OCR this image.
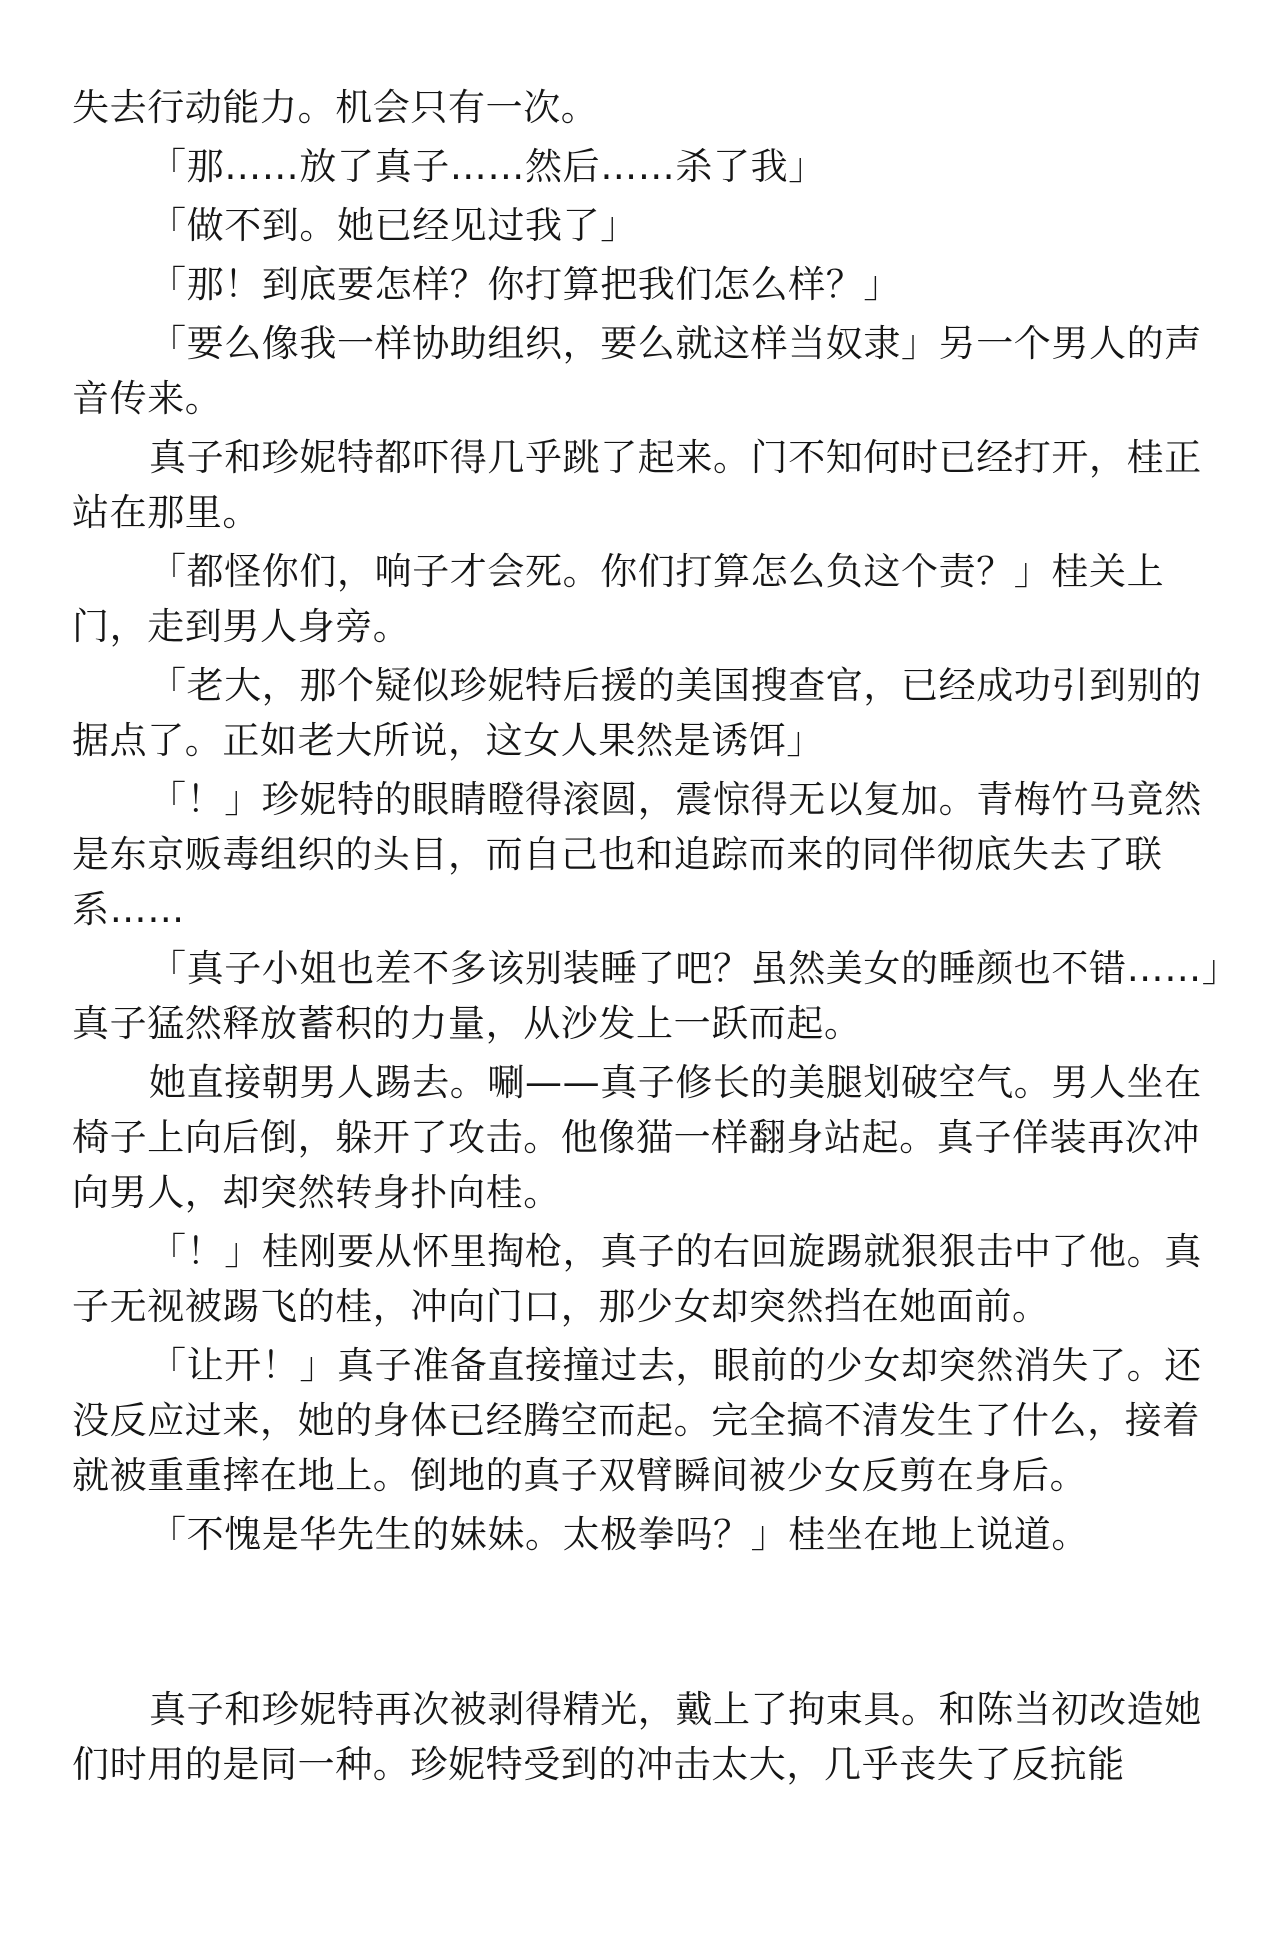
失去行动能力。机会只有一次。

「那……放了真子……然后……杀了我」

「做不到。她已经见过我了」

「那！到底要怎样？你打算把我们怎么样？」

「要么像我一样协助组织，要么就这样当奴隶」另一个男人的声音传来。

真子和珍妮特都吓得几乎跳了起来。门不知何时已经打开，桂正站在那里。

「都怪你们，响子才会死。你们打算怎么负这个责？」桂关上门，走到男人身旁。

「老大，那个疑似珍妮特后援的美国搜查官，已经成功引到别的据点了。正如老大所说，这女人果然是诱饵」

「！」珍妮特的眼睛瞪得滚圆，震惊得无以复加。青梅竹马竟然是东京贩毒组织的头目，而自己也和追踪而来的同伴彻底失去了联系……

「真子小姐也差不多该别装睡了吧？虽然美女的睡颜也不错……」真子猛然释放蓄积的力量，从沙发上一跃而起。

她直接朝男人踢去。唰——真子修长的美腿划破空气。男人坐在椅子上向后倒，躲开了攻击。他像猫一样翻身站起。真子佯装再次冲向男人，却突然转身扑向桂。

「！」桂刚要从怀里掏枪，真子的右回旋踢就狠狠击中了他。真子无视被踢飞的桂，冲向门口，那少女却突然挡在她面前。

「让开！」真子准备直接撞过去，眼前的少女却突然消失了。还没反应过来，她的身体已经腾空而起。完全搞不清发生了什么，接着就被重重摔在地上。倒地的真子双臂瞬间被少女反剪在身后。

「不愧是华先生的妹妹。太极拳吗？」桂坐在地上说道。

真子和珍妮特再次被剥得精光，戴上了拘束具。和陈当初改造她们时用的是同一种。珍妮特受到的冲击太大，几乎丧失了反抗能
